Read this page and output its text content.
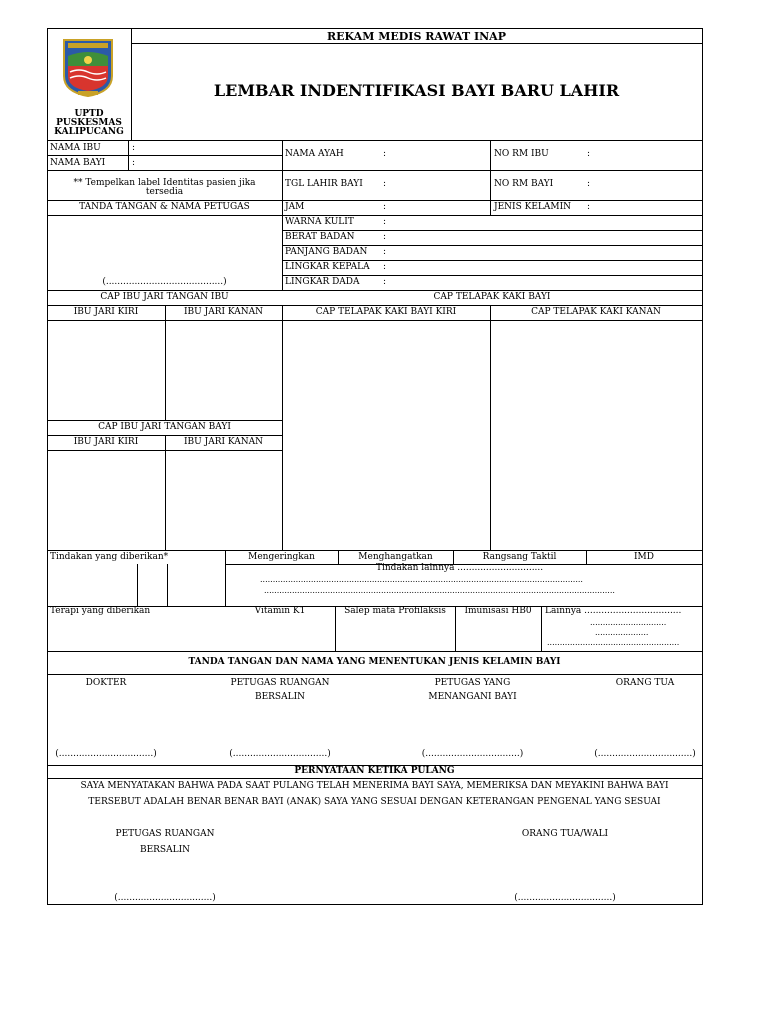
REKAM MEDIS RAWAT INAP
LEMBAR INDENTIFIKASI BAYI BARU LAHIR
UPTD
PUSKESMAS
KALIPUCANG
NAMA IBU	:
NAMA BAYI	:
NAMA AYAH	:	NO RM IBU	:
** Tempelkan label Identitas pasien jika
tersedia
TGL LAHIR BAYI :	NO RM BAYI	:
TANDA TANGAN & NAMA PETUGAS	JAM	:	JENIS KELAMIN :
WARNA KULIT	:
BERAT BADAN	:
PANJANG BADAN :
LINGKAR KEPALA :
LINGKAR DADA	:
(.........................................)
CAP IBU JARI TANGAN IBU	CAP TELAPAK KAKI BAYI
IBU JARI KIRI	IBU JARI KANAN	CAP TELAPAK KAKI BAYI KIRI	CAP TELAPAK KAKI KANAN
CAP IBU JARI TANGAN BAYI
IBU JARI KIRI	IBU JARI KANAN
Tindakan yang diberikan*	Mengeringkan	Menghangatkan	Rangsang Taktil	IMD
Tindakan lainnya ..............................
...............................................................................................................................
..........................................................................................................................................
Terapi yang diberikan	Vitamin K1	Salep mata Profilaksis	Imunisasi HB0	Lainnya ..................................
..............................
.....................
....................................................
TANDA TANGAN DAN NAMA YANG MENENTUKAN JENIS KELAMIN BAYI
DOKTER	PETUGAS RUANGAN
BERSALIN
PETUGAS YANG
MENANGANI BAYI
ORANG TUA
(.................................)	(.................................)	(.................................)	(.................................)
PERNYATAAN KETIKA PULANG
SAYA MENYATAKAN BAHWA PADA SAAT PULANG TELAH MENERIMA BAYI SAYA, MEMERIKSA DAN MEYAKINI BAHWA BAYI
TERSEBUT ADALAH BENAR BENAR BAYI (ANAK) SAYA YANG SESUAI DENGAN KETERANGAN PENGENAL YANG SESUAI
PETUGAS RUANGAN
BERSALIN
ORANG TUA/WALI
(.................................)	(.................................)
